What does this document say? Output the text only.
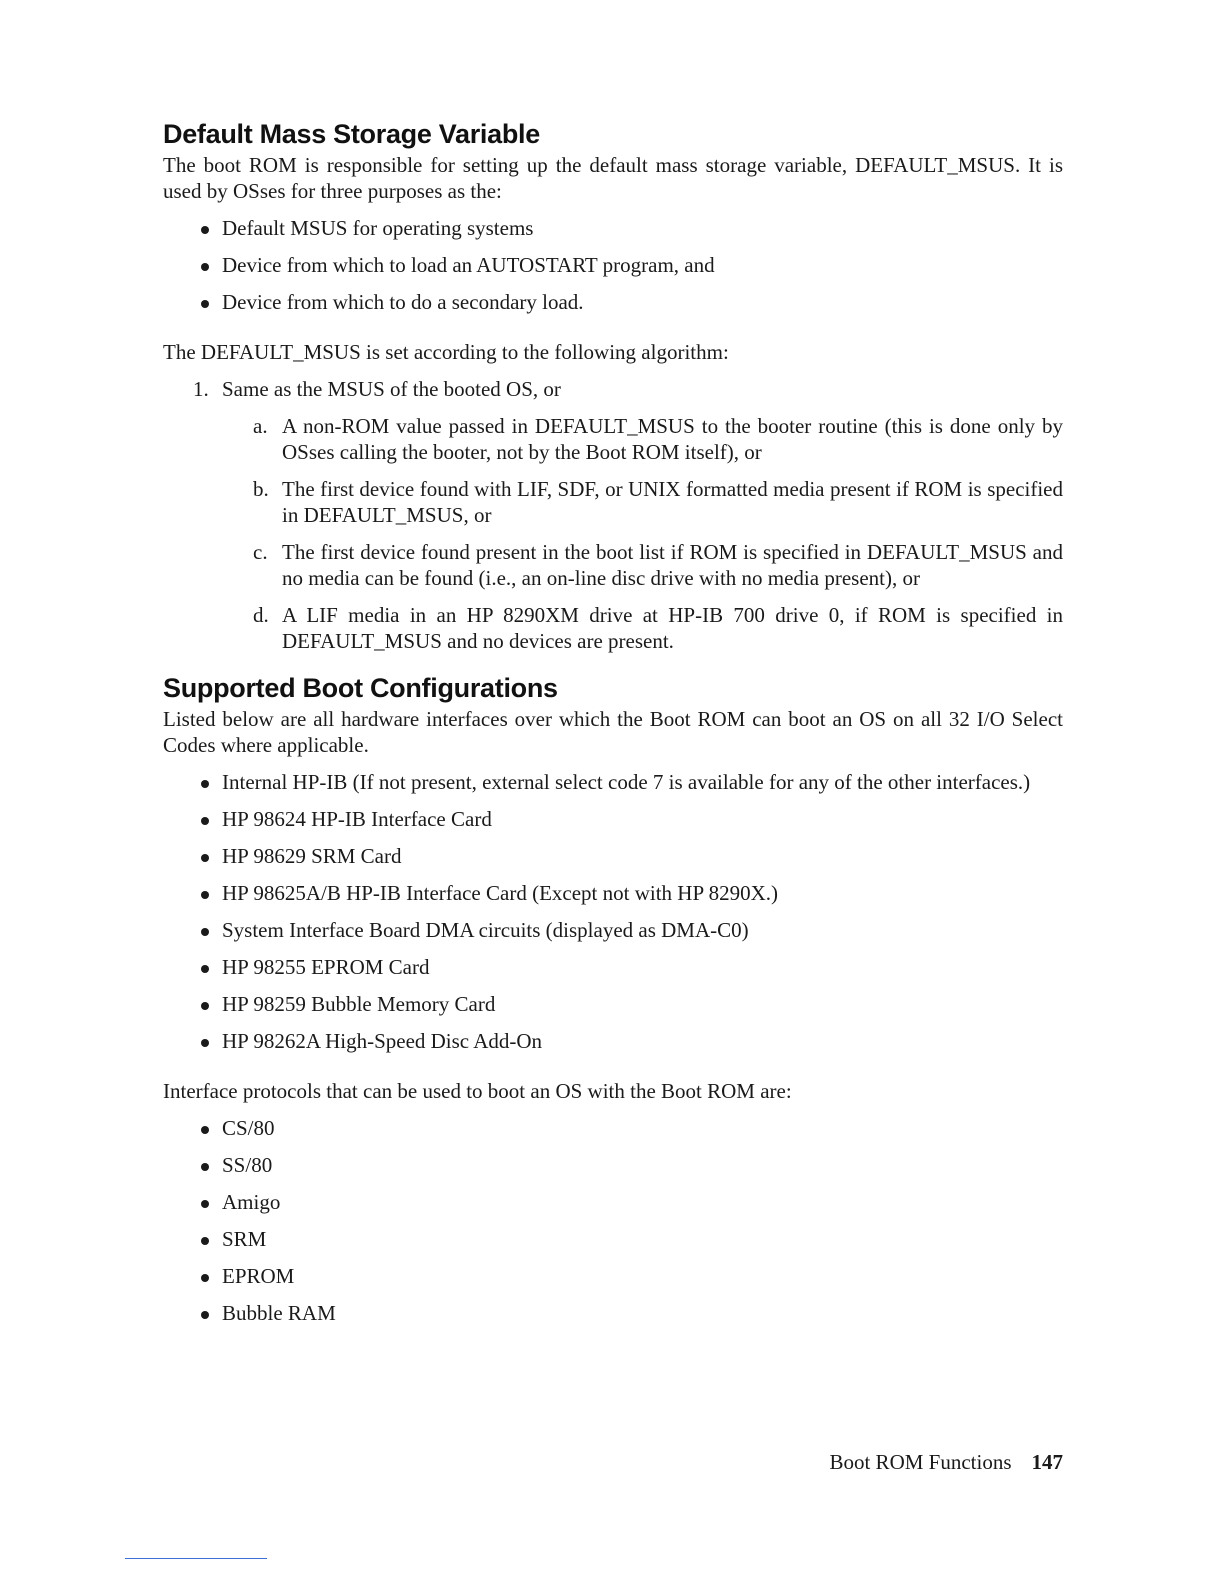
Default Mass Storage Variable

The boot ROM is responsible for setting up the default mass storage variable, DEFAULT_MSUS. It is used by OSses for three purposes as the:

Default MSUS for operating systems
Device from which to load an AUTOSTART program, and
Device from which to do a secondary load.

The DEFAULT_MSUS is set according to the following algorithm:

1. Same as the MSUS of the booted OS, or
a. A non-ROM value passed in DEFAULT_MSUS to the booter routine (this is done only by OSses calling the booter, not by the Boot ROM itself), or
b. The first device found with LIF, SDF, or UNIX formatted media present if ROM is specified in DEFAULT_MSUS, or
c. The first device found present in the boot list if ROM is specified in DEFAULT_MSUS and no media can be found (i.e., an on-line disc drive with no media present), or
d. A LIF media in an HP 8290XM drive at HP-IB 700 drive 0, if ROM is specified in DEFAULT_MSUS and no devices are present.
Supported Boot Configurations

Listed below are all hardware interfaces over which the Boot ROM can boot an OS on all 32 I/O Select Codes where applicable.

Internal HP-IB (If not present, external select code 7 is available for any of the other interfaces.)
HP 98624 HP-IB Interface Card
HP 98629 SRM Card
HP 98625A/B HP-IB Interface Card (Except not with HP 8290X.)
System Interface Board DMA circuits (displayed as DMA-C0)
HP 98255 EPROM Card
HP 98259 Bubble Memory Card
HP 98262A High-Speed Disc Add-On

Interface protocols that can be used to boot an OS with the Boot ROM are:

CS/80
SS/80
Amigo
SRM
EPROM
Bubble RAM
Boot ROM Functions 147
